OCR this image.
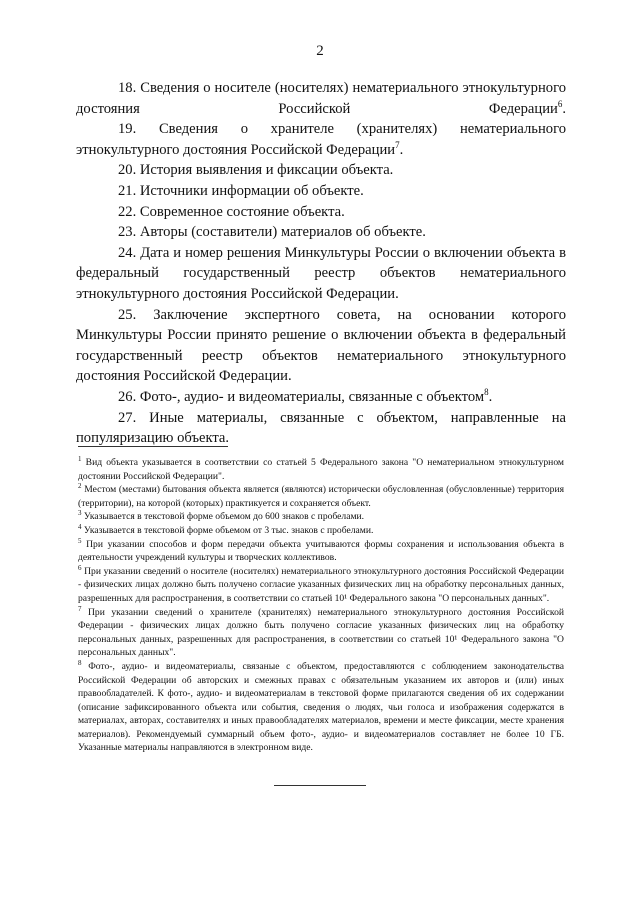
2

18. Сведения о носителе (носителях) нематериального этнокультурного достояния Российской Федерации$^6$.

19. Сведения о хранителе (хранителях) нематериального этнокультурного достояния Российской Федерации$^7$.

20. История выявления и фиксации объекта.

21. Источники информации об объекте.

22. Современное состояние объекта.

23. Авторы (составители) материалов об объекте.

24. Дата и номер решения Минкультуры России о включении объекта в федеральный государственный реестр объектов нематериального этнокультурного достояния Российской Федерации.

25. Заключение экспертного совета, на основании которого Минкультуры России принято решение о включении объекта в федеральный государственный реестр объектов нематериального этнокультурного достояния Российской Федерации.

26. Фото-, аудио- и видеоматериалы, связанные с объектом$^8$.

27. Иные материалы, связанные с объектом, направленные на популяризацию объекта.

$^1$ Вид объекта указывается в соответствии со статьей 5 Федерального закона "О нематериальном этнокультурном достоянии Российской Федерации".

$^2$ Местом (местами) бытования объекта является (являются) исторически обусловленная (обусловленные) территория (территории), на которой (которых) практикуется и сохраняется объект.

$^3$ Указывается в текстовой форме объемом до 600 знаков с пробелами.

$^4$ Указывается в текстовой форме объемом от 3 тыс. знаков с пробелами.

$^5$ При указании способов и форм передачи объекта учитываются формы сохранения и использования объекта в деятельности учреждений культуры и творческих коллективов.

$^6$ При указании сведений о носителе (носителях) нематериального этнокультурного достояния Российской Федерации - физических лицах должно быть получено согласие указанных физических лиц на обработку персональных данных, разрешенных для распространения, в соответствии со статьей 10¹ Федерального закона "О персональных данных".

$^7$ При указании сведений о хранителе (хранителях) нематериального этнокультурного достояния Российской Федерации - физических лицах должно быть получено согласие указанных физических лиц на обработку персональных данных, разрешенных для распространения, в соответствии со статьей 10¹ Федерального закона "О персональных данных".

$^8$ Фото-, аудио- и видеоматериалы, связаные с объектом, предоставляются с соблюдением законодательства Российской Федерации об авторских и смежных правах с обязательным указанием их авторов и (или) иных правообладателей. К фото-, аудио- и видеоматериалам в текстовой форме прилагаются сведения об их содержании (описание зафиксированного объекта или события, сведения о людях, чьи голоса и изображения содержатся в материалах, авторах, составителях и иных правообладателях материалов, времени и месте фиксации, месте хранения материалов). Рекомендуемый суммарный объем фото-, аудио- и видеоматериалов составляет не более 10 ГБ. Указанные материалы направляются в электронном виде.
